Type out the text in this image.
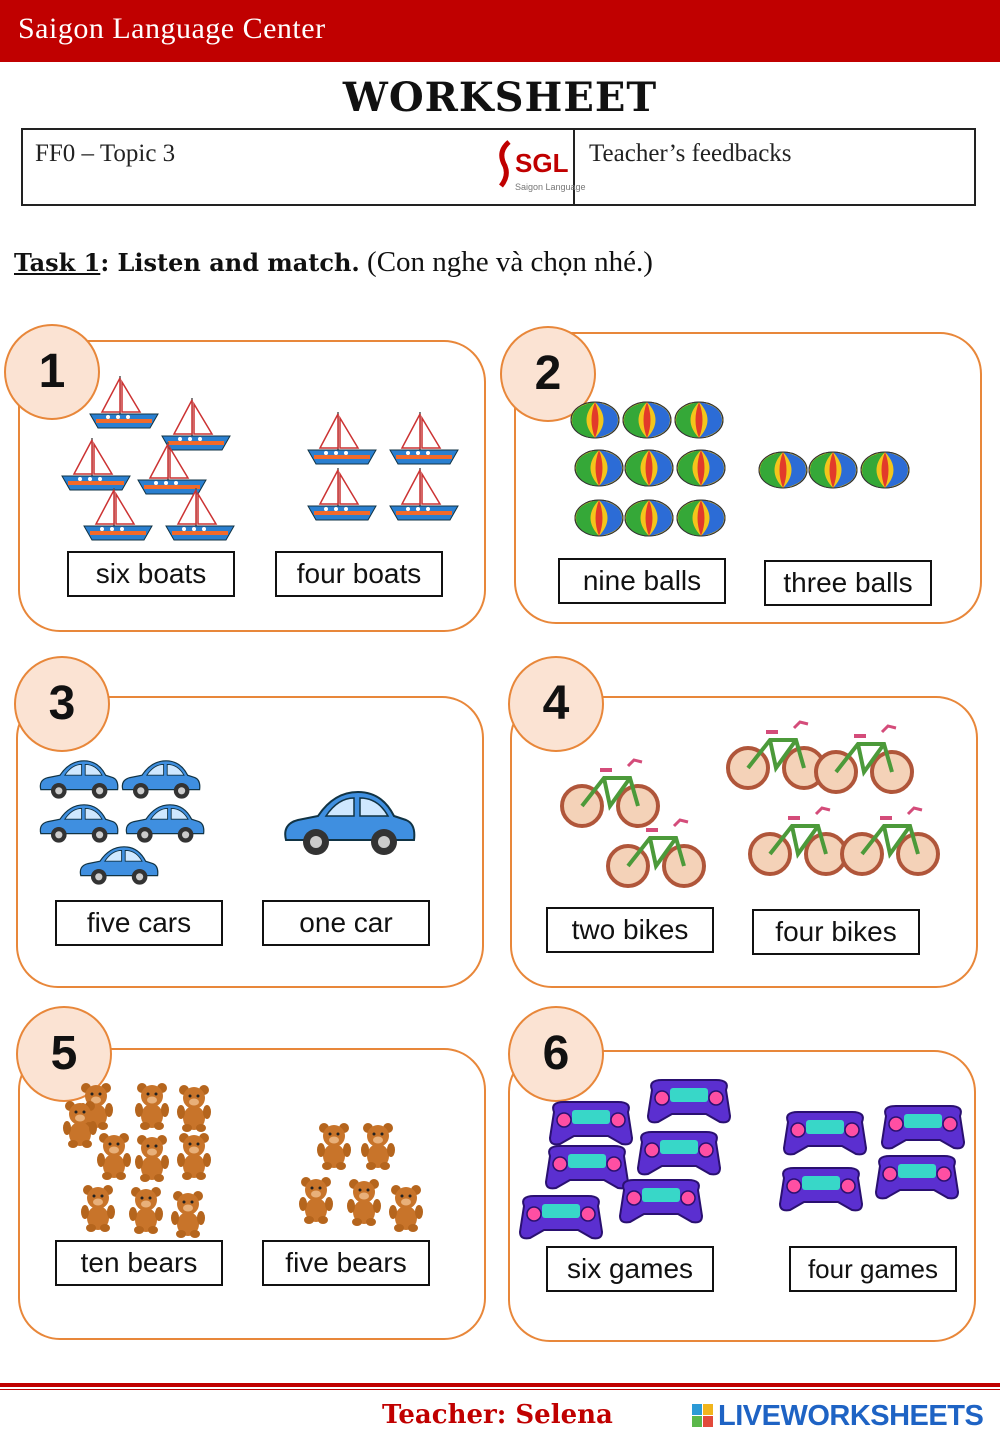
Saigon Language Center
WORKSHEET
FF0 – Topic 3	SGL
Saigon Language
Teacher’s feedbacks
Task 1: Listen and match. (Con nghe và chọn nhé.)
1
six boats	four boats
2
nine balls	three balls
3
five cars	one car
4
two bikes	four bikes
5
ten bears	five bears
6
six games	four games
Teacher: Selena	LIVEWORKSHEETS
